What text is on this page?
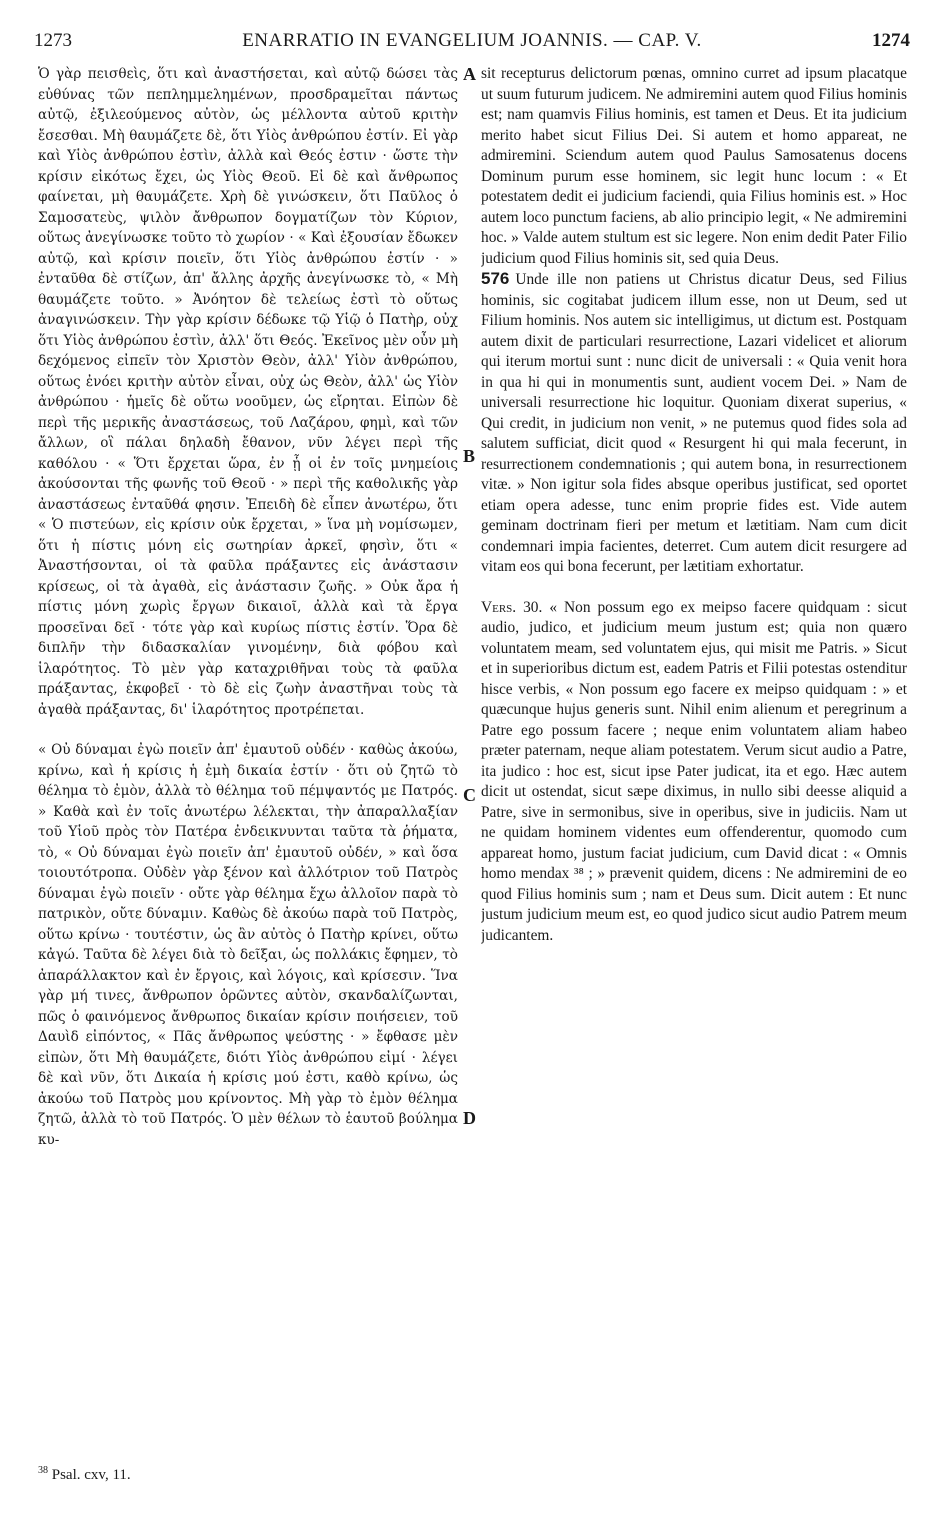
1273	ENARRATIO IN EVANGELIUM JOANNIS. — CAP. V.	1274

Ὁ γὰρ πεισθεὶς, ὅτι καὶ ἀναστήσεται, καὶ αὐτῷ δώσει τὰς εὐθύνας τῶν πεπλημμελημένων, προσδραμεῖται πάντως αὐτῷ, ἐξιλεούμενος αὐτὸν, ὡς μέλλοντα αὐτοῦ κριτὴν ἔσεσθαι. Μὴ θαυμάζετε δὲ, ὅτι Υἱὸς ἀνθρώπου ἐστίν. Εἰ γὰρ καὶ Υἱὸς ἀνθρώπου ἐστὶν, ἀλλὰ καὶ Θεός ἐστιν · ὥστε τὴν κρίσιν εἰκότως ἔχει, ὡς Υἱὸς Θεοῦ. Εἰ δὲ καὶ ἄνθρωπος φαίνεται, μὴ θαυμάζετε. Χρὴ δὲ γινώσκειν, ὅτι Παῦλος ὁ Σαμοσατεὺς, ψιλὸν ἄνθρωπον δογματίζων τὸν Κύριον, οὕτως ἀνεγίνωσκε τοῦτο τὸ χωρίον · « Καὶ ἐξουσίαν ἔδωκεν αὐτῷ, καὶ κρίσιν ποιεῖν, ὅτι Υἱὸς ἀνθρώπου ἐστίν · » ἐνταῦθα δὲ στίζων, ἀπ' ἄλλης ἀρχῆς ἀνεγίνωσκε τὸ, « Μὴ θαυμάζετε τοῦτο. » Ἀνόητον δὲ τελείως ἐστὶ τὸ οὕτως ἀναγινώσκειν. Τὴν γὰρ κρίσιν δέδωκε τῷ Υἱῷ ὁ Πατὴρ, οὐχ ὅτι Υἱὸς ἀνθρώπου ἐστὶν, ἀλλ' ὅτι Θεός. Ἐκεῖνος μὲν οὖν μὴ δεχόμενος εἰπεῖν τὸν Χριστὸν Θεὸν, ἀλλ' Υἱὸν ἀνθρώπου, οὕτως ἐνόει κριτὴν αὐτὸν εἶναι, οὐχ ὡς Θεὸν, ἀλλ' ὡς Υἱὸν ἀνθρώπου · ἡμεῖς δὲ οὕτω νοοῦμεν, ὡς εἴρηται. Εἰπὼν δὲ περὶ τῆς μερικῆς ἀναστάσεως, τοῦ Λαζάρου, φημὶ, καὶ τῶν ἄλλων, οἳ πάλαι δηλαδὴ ἔθανον, νῦν λέγει περὶ τῆς καθόλου · « Ὅτι ἔρχεται ὥρα, ἐν ᾗ οἱ ἐν τοῖς μνημείοις ἀκούσονται τῆς φωνῆς τοῦ Θεοῦ · » περὶ τῆς καθολικῆς γὰρ ἀναστάσεως ἐνταῦθά φησιν. Ἐπειδὴ δὲ εἶπεν ἀνωτέρω, ὅτι « Ὁ πιστεύων, εἰς κρίσιν οὐκ ἔρχεται, » ἵνα μὴ νομίσωμεν, ὅτι ἡ πίστις μόνη εἰς σωτηρίαν ἀρκεῖ, φησὶν, ὅτι « Ἀναστήσονται, οἱ τὰ φαῦλα πράξαντες εἰς ἀνάστασιν κρίσεως, οἱ τὰ ἀγαθὰ, εἰς ἀνάστασιν ζωῆς. » Οὐκ ἄρα ἡ πίστις μόνη χωρὶς ἔργων δικαιοῖ, ἀλλὰ καὶ τὰ ἔργα προσεῖναι δεῖ · τότε γὰρ καὶ κυρίως πίστις ἐστίν. Ὅρα δὲ διπλῆν τὴν διδασκαλίαν γινομένην, διὰ φόβου καὶ ἱλαρότητος. Τὸ μὲν γὰρ καταχριθῆναι τοὺς τὰ φαῦλα πράξαντας, ἐκφοβεῖ · τὸ δὲ εἰς ζωὴν ἀναστῆναι τοὺς τὰ ἀγαθὰ πράξαντας, δι' ἱλαρότητος προτρέπεται.

« Οὐ δύναμαι ἐγὼ ποιεῖν ἀπ' ἐμαυτοῦ οὐδέν · καθὼς ἀκούω, κρίνω, καὶ ἡ κρίσις ἡ ἐμὴ δικαία ἐστίν · ὅτι οὐ ζητῶ τὸ θέλημα τὸ ἐμὸν, ἀλλὰ τὸ θέλημα τοῦ πέμψαντός με Πατρός. » Καθὰ καὶ ἐν τοῖς ἀνωτέρω λέλεκται, τὴν ἀπαραλλαξίαν τοῦ Υἱοῦ πρὸς τὸν Πατέρα ἐνδεικνυνται ταῦτα τὰ ῥήματα, τὸ, « Οὐ δύναμαι ἐγὼ ποιεῖν ἀπ' ἐμαυτοῦ οὐδέν, » καὶ ὅσα τοιουτότροπα. Οὐδὲν γὰρ ξένον καὶ ἀλλότριον τοῦ Πατρὸς δύναμαι ἐγὼ ποιεῖν · οὔτε γὰρ θέλημα ἔχω ἀλλοῖον παρὰ τὸ πατρικὸν, οὔτε δύναμιν. Καθὼς δὲ ἀκούω παρὰ τοῦ Πατρὸς, οὕτω κρίνω · τουτέστιν, ὡς ἂν αὐτὸς ὁ Πατὴρ κρίνει, οὕτω κἀγώ. Ταῦτα δὲ λέγει διὰ τὸ δεῖξαι, ὡς πολλάκις ἔφημεν, τὸ ἀπαράλλακτον καὶ ἐν ἔργοις, καὶ λόγοις, καὶ κρίσεσιν. Ἵνα γὰρ μή τινες, ἄνθρωπον ὁρῶντες αὐτὸν, σκανδαλίζωνται, πῶς ὁ φαινόμενος ἄνθρωπος δικαίαν κρίσιν ποιήσειεν, τοῦ Δαυὶδ εἰπόντος, « Πᾶς ἄνθρωπος ψεύστης · » ἔφθασε μὲν εἰπὼν, ὅτι Μὴ θαυμάζετε, διότι Υἱὸς ἀνθρώπου εἰμί · λέγει δὲ καὶ νῦν, ὅτι Δικαία ἡ κρίσις μού ἐστι, καθὸ κρίνω, ὡς ἀκούω τοῦ Πατρὸς μου κρίνοντος. Μὴ γὰρ τὸ ἐμὸν θέλημα ζητῶ, ἀλλὰ τὸ τοῦ Πατρός. Ὁ μὲν θέλων τὸ ἑαυτοῦ βούλημα κυ-

A
B
C
D

sit recepturus delictorum pœnas, omnino curret ad ipsum placatque ut suum futurum judicem. Ne admiremini autem quod Filius hominis est; nam quamvis Filius hominis, est tamen et Deus. Et ita judicium merito habet sicut Filius Dei. Si autem et homo appareat, ne admiremini. Sciendum autem quod Paulus Samosatenus docens Dominum purum esse hominem, sic legit hunc locum : « Et potestatem dedit ei judicium faciendi, quia Filius hominis est. » Hoc autem loco punctum faciens, ab alio principio legit, « Ne admiremini hoc. » Valde autem stultum est sic legere. Non enim dedit Pater Filio judicium quod Filius hominis sit, sed quia Deus.

576 Unde ille non patiens ut Christus dicatur Deus, sed Filius hominis, sic cogitabat judicem illum esse, non ut Deum, sed ut Filium hominis. Nos autem sic intelligimus, ut dictum est. Postquam autem dixit de particulari resurrectione, Lazari videlicet et aliorum qui iterum mortui sunt : nunc dicit de universali : « Quia venit hora in qua hi qui in monumentis sunt, audient vocem Dei. » Nam de universali resurrectione hic loquitur. Quoniam dixerat superius, « Qui credit, in judicium non venit, » ne putemus quod fides sola ad salutem sufficiat, dicit quod « Resurgent hi qui mala fecerunt, in resurrectionem condemnationis ; qui autem bona, in resurrectionem vitæ. » Non igitur sola fides absque operibus justificat, sed oportet etiam opera adesse, tunc enim proprie fides est. Vide autem geminam doctrinam fieri per metum et lætitiam. Nam cum dicit condemnari impia facientes, deterret. Cum autem dicit resurgere ad vitam eos qui bona fecerunt, per lætitiam exhortatur.

Vers. 30. « Non possum ego ex meipso facere quidquam : sicut audio, judico, et judicium meum justum est; quia non quæro voluntatem meam, sed voluntatem ejus, qui misit me Patris. » Sicut et in superioribus dictum est, eadem Patris et Filii potestas ostenditur hisce verbis, « Non possum ego facere ex meipso quidquam : » et quæcunque hujus generis sunt. Nihil enim alienum et peregrinum a Patre ego possum facere ; neque enim voluntatem aliam habeo præter paternam, neque aliam potestatem. Verum sicut audio a Patre, ita judico : hoc est, sicut ipse Pater judicat, ita et ego. Hæc autem dicit ut ostendat, sicut sæpe diximus, in nullo sibi deesse aliquid a Patre, sive in sermonibus, sive in operibus, sive in judiciis. Nam ut ne quidam hominem videntes eum offenderentur, quomodo cum appareat homo, justum faciat judicium, cum David dicat : « Omnis homo mendax ³⁸ ; » prævenit quidem, dicens : Ne admiremini de eo quod Filius hominis sum ; nam et Deus sum. Dicit autem : Et nunc justum judicium meum est, eo quod judico sicut audio Patrem meum judicantem.

$^{38}$ Psal. cxv, 11.
